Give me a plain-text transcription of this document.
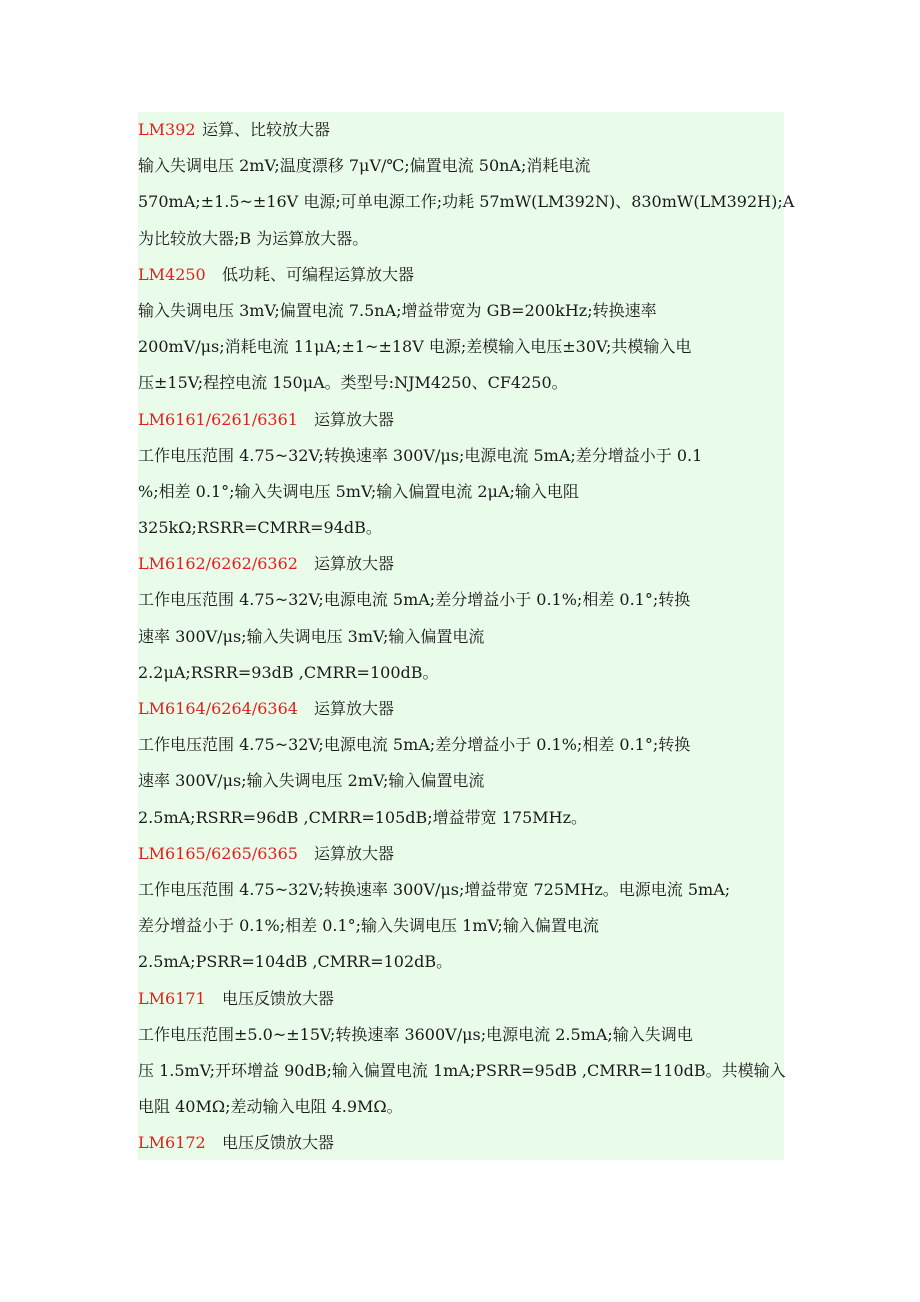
LM392 运算、比较放大器
输入失调电压 2mV;温度漂移 7μV/℃;偏置电流 50nA;消耗电流
570mA;±1.5~±16V 电源;可单电源工作;功耗 57mW(LM392N)、830mW(LM392H);A
为比较放大器;B 为运算放大器。
LM4250 低功耗、可编程运算放大器
输入失调电压 3mV;偏置电流 7.5nA;增益带宽为 GB=200kHz;转换速率
200mV/μs;消耗电流 11μA;±1~±18V 电源;差模输入电压±30V;共模输入电
压±15V;程控电流 150μA。类型号:NJM4250、CF4250。
LM6161/6261/6361 运算放大器
工作电压范围 4.75~32V;转换速率 300V/μs;电源电流 5mA;差分增益小于 0.1
%;相差 0.1°;输入失调电压 5mV;输入偏置电流 2μA;输入电阻
325kΩ;RSRR=CMRR=94dB。
LM6162/6262/6362 运算放大器
工作电压范围 4.75~32V;电源电流 5mA;差分增益小于 0.1%;相差 0.1°;转换
速率 300V/μs;输入失调电压 3mV;输入偏置电流
2.2μA;RSRR=93dB ,CMRR=100dB。
LM6164/6264/6364 运算放大器
工作电压范围 4.75~32V;电源电流 5mA;差分增益小于 0.1%;相差 0.1°;转换
速率 300V/μs;输入失调电压 2mV;输入偏置电流
2.5mA;RSRR=96dB ,CMRR=105dB;增益带宽 175MHz。
LM6165/6265/6365 运算放大器
工作电压范围 4.75~32V;转换速率 300V/μs;增益带宽 725MHz。电源电流 5mA;
差分增益小于 0.1%;相差 0.1°;输入失调电压 1mV;输入偏置电流
2.5mA;PSRR=104dB ,CMRR=102dB。
LM6171 电压反馈放大器
工作电压范围±5.0~±15V;转换速率 3600V/μs;电源电流 2.5mA;输入失调电
压 1.5mV;开环增益 90dB;输入偏置电流 1mA;PSRR=95dB ,CMRR=110dB。共模输入
电阻 40MΩ;差动输入电阻 4.9MΩ。
LM6172 电压反馈放大器
